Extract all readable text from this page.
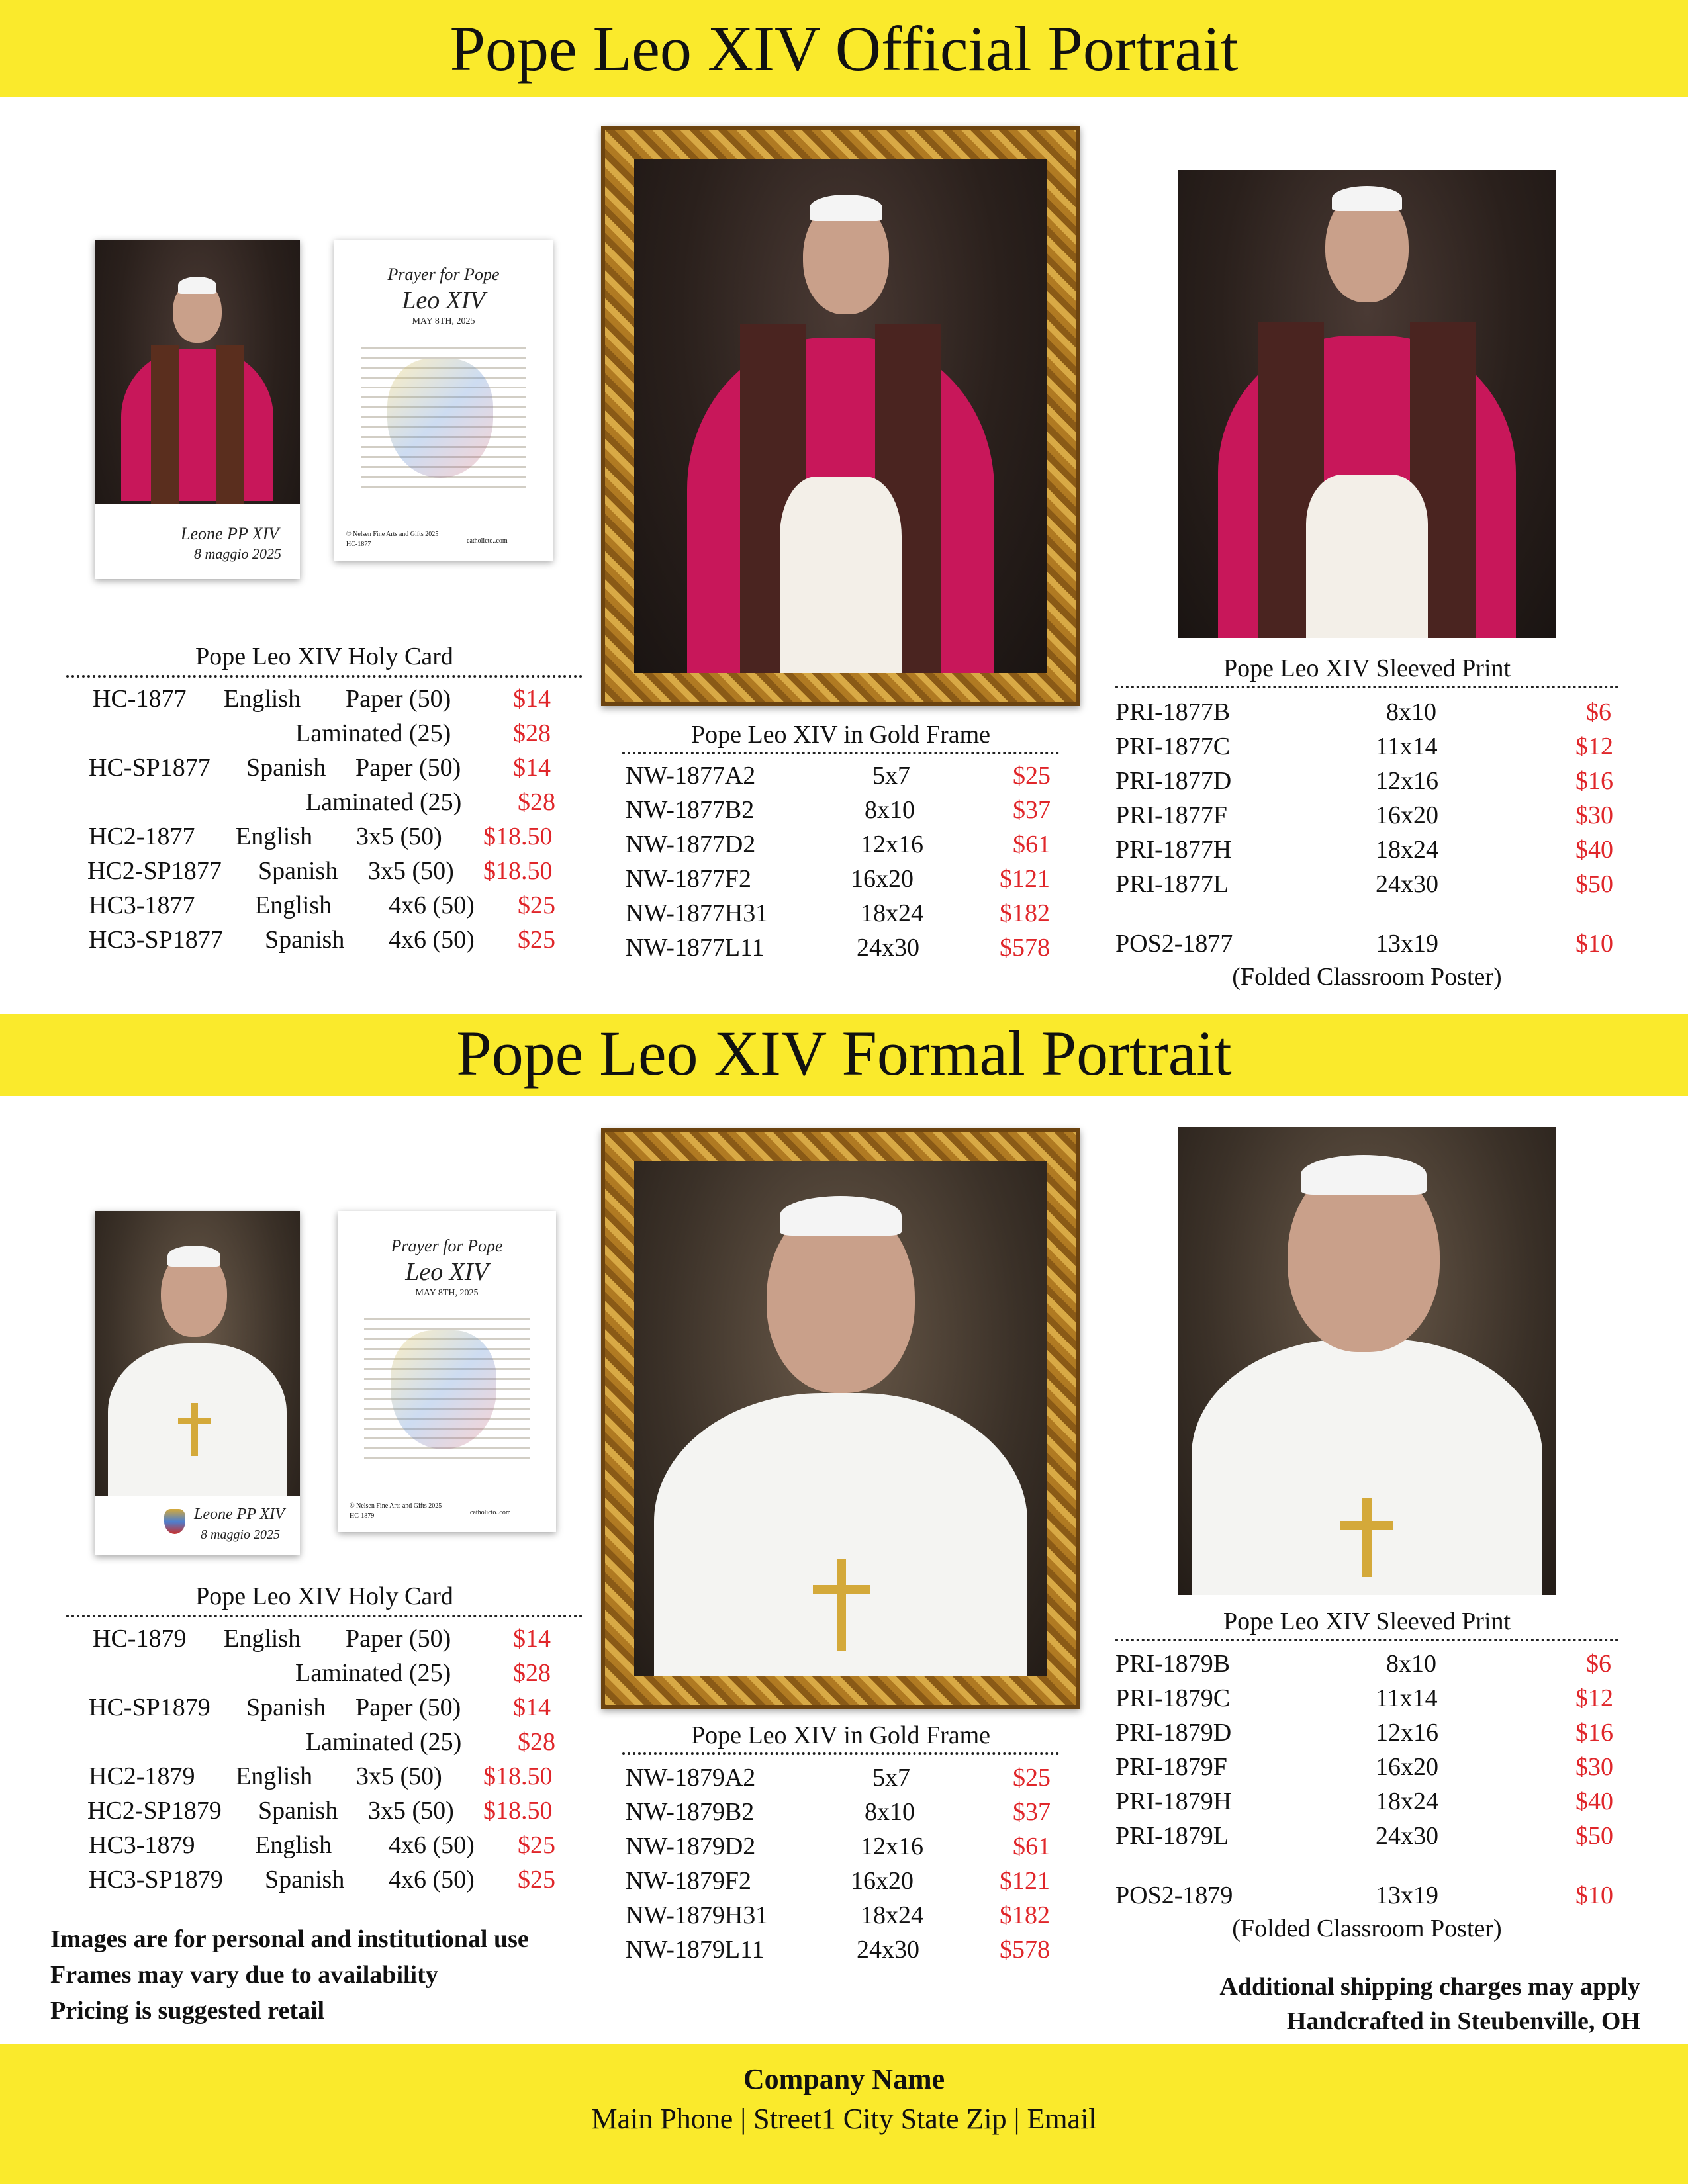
Pope Leo XIV Official Portrait
Leone PP XIV
8 maggio 2025
Prayer for Pope
Leo XIV
MAY 8TH, 2025
© Nelsen Fine Arts and Gifts 2025
HC-1877	catholicto..com
Pope Leo XIV Holy Card
HC-1877 English Paper (50) $14
Laminated (25) $28
HC-SP1877 Spanish Paper (50) $14
Laminated (25) $28
HC2-1877 English 3x5 (50) $18.50
HC2-SP1877 Spanish 3x5 (50) $18.50
HC3-1877 English 4x6 (50) $25
HC3-SP1877 Spanish 4x6 (50) $25
Pope Leo XIV in Gold Frame
NW-1877A2	5x7	$25
NW-1877B2	8x10	$37
NW-1877D2	12x16	$61
NW-1877F2	16x20	$121
NW-1877H31	18x24	$182
NW-1877L11	24x30	$578
Pope Leo XIV Sleeved Print
PRI-1877B	8x10	$6
PRI-1877C	11x14	$12
PRI-1877D	12x16	$16
PRI-1877F	16x20	$30
PRI-1877H	18x24	$40
PRI-1877L	24x30	$50
POS2-1877	13x19	$10
(Folded Classroom Poster)
Pope Leo XIV Formal Portrait
Leone PP XIV
8 maggio 2025
Prayer for Pope
Leo XIV
MAY 8TH, 2025
© Nelsen Fine Arts and Gifts 2025
HC-1879	catholicto..com
Pope Leo XIV Holy Card
HC-1879 English Paper (50) $14
Laminated (25) $28
HC-SP1879 Spanish Paper (50) $14
Laminated (25) $28
HC2-1879 English 3x5 (50) $18.50
HC2-SP1879 Spanish 3x5 (50) $18.50
HC3-1879 English 4x6 (50) $25
HC3-SP1879 Spanish 4x6 (50) $25
Pope Leo XIV in Gold Frame
NW-1879A2	5x7	$25
NW-1879B2	8x10	$37
NW-1879D2	12x16	$61
NW-1879F2	16x20	$121
NW-1879H31	18x24	$182
NW-1879L11	24x30	$578
Pope Leo XIV Sleeved Print
PRI-1879B	8x10	$6
PRI-1879C	11x14	$12
PRI-1879D	12x16	$16
PRI-1879F	16x20	$30
PRI-1879H	18x24	$40
PRI-1879L	24x30	$50
POS2-1879	13x19	$10
(Folded Classroom Poster)
Images are for personal and institutional use
Frames may vary due to availability
Pricing is suggested retail
Additional shipping charges may apply
Handcrafted in Steubenville, OH
Company Name
Main Phone | Street1 City State Zip | Email
